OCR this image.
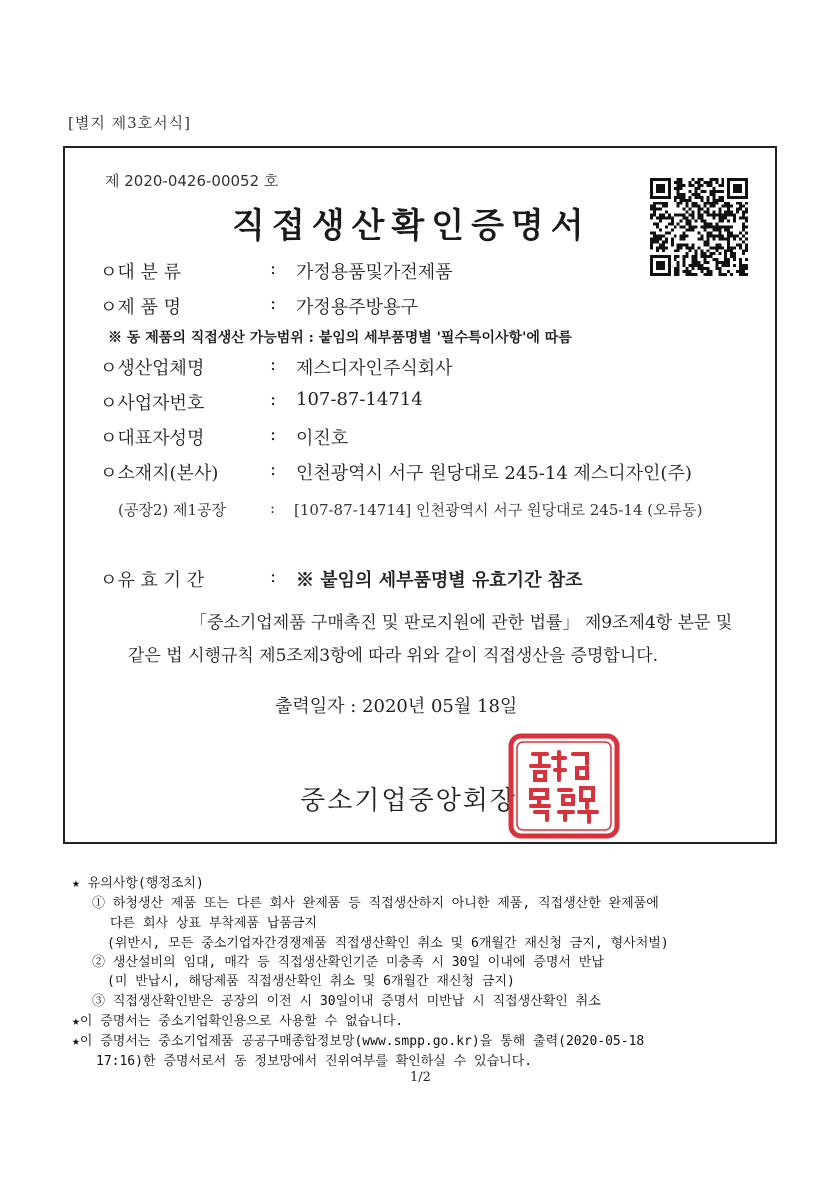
[별지 제3호서식]
제 2020-0426-00052 호
직접생산확인증명서
ㅇ대 분 류	: 가정용품및가전제품
ㅇ제 품 명	: 가정용주방용구
※ 동 제품의 직접생산 가능범위 : 붙임의 세부품명별 '필수특이사항'에 따름
ㅇ생산업체명	: 제스디자인주식회사
ㅇ사업자번호	: 107-87-14714
ㅇ대표자성명	: 이진호
ㅇ소재지(본사)	: 인천광역시 서구 원당대로 245-14 제스디자인(주)
(공장2) 제1공장	: [107-87-14714] 인천광역시 서구 원당대로 245-14 (오류동)
ㅇ유 효 기 간	: ※ 붙임의 세부품명별 유효기간 참조
「중소기업제품 구매촉진 및 판로지원에 관한 법률」 제9조제4항 본문 및
같은 법 시행규칙 제5조제3항에 따라 위와 같이 직접생산을 증명합니다.
출력일자 : 2020년 05월 18일
중소기업중앙회장
★ 유의사항(행정조치)
① 하청생산 제품 또는 다른 회사 완제품 등 직접생산하지 아니한 제품, 직접생산한 완제품에
다른 회사 상표 부착제품 납품금지
(위반시, 모든 중소기업자간경쟁제품 직접생산확인 취소 및 6개월간 재신청 금지, 형사처벌)
② 생산설비의 임대, 매각 등 직접생산확인기준 미충족 시 30일 이내에 증명서 반납
(미 반납시, 해당제품 직접생산확인 취소 및 6개월간 재신청 금지)
③ 직접생산확인받은 공장의 이전 시 30일이내 증명서 미반납 시 직접생산확인 취소
★이 증명서는 중소기업확인용으로 사용할 수 없습니다.
★이 증명서는 중소기업제품 공공구매종합정보망(www.smpp.go.kr)을 통해 출력(2020-05-18
17:16)한 증명서로서 동 정보망에서 진위여부를 확인하실 수 있습니다.
1/2
